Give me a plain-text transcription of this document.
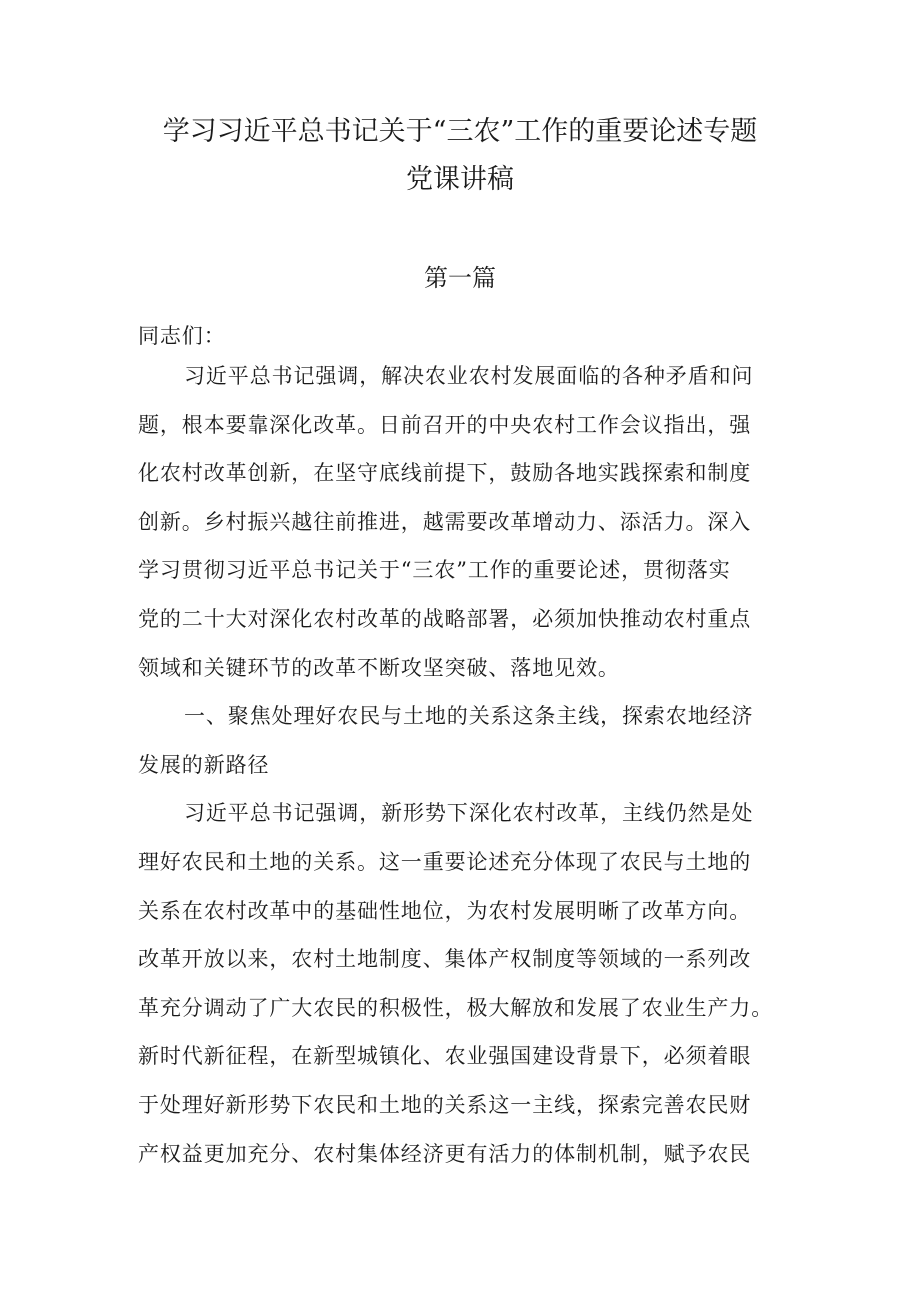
学习习近平总书记关于“三农”工作的重要论述专题
党课讲稿
第一篇

同志们：

习近平总书记强调，解决农业农村发展面临的各种矛盾和问
题，根本要靠深化改革。日前召开的中央农村工作会议指出，强
化农村改革创新，在坚守底线前提下，鼓励各地实践探索和制度
创新。乡村振兴越往前推进，越需要改革增动力、添活力。深入
学习贯彻习近平总书记关于“三农”工作的重要论述，贯彻落实
党的二十大对深化农村改革的战略部署，必须加快推动农村重点
领域和关键环节的改革不断攻坚突破、落地见效。

一、聚焦处理好农民与土地的关系这条主线，探索农地经济
发展的新路径

习近平总书记强调，新形势下深化农村改革，主线仍然是处
理好农民和土地的关系。这一重要论述充分体现了农民与土地的
关系在农村改革中的基础性地位，为农村发展明晰了改革方向。
改革开放以来，农村土地制度、集体产权制度等领域的一系列改
革充分调动了广大农民的积极性，极大解放和发展了农业生产力。
新时代新征程，在新型城镇化、农业强国建设背景下，必须着眼
于处理好新形势下农民和土地的关系这一主线，探索完善农民财
产权益更加充分、农村集体经济更有活力的体制机制，赋予农民
